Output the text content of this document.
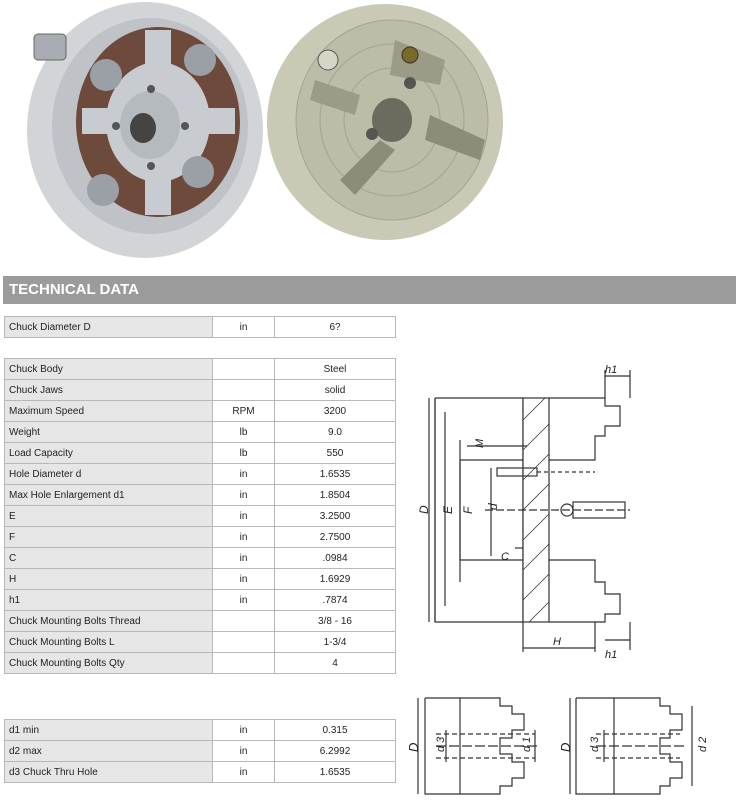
TECHNICAL DATA
Chuck Diameter D	in	6?
Chuck Body		Steel
Chuck Jaws		solid
Maximum Speed	RPM	3200
Weight	lb	9.0
Load Capacity	lb	550
Hole Diameter d	in	1.6535
Max Hole Enlargement d1	in	1.8504
E	in	3.2500
F	in	2.7500
C	in	.0984
H	in	1.6929
h1	in	.7874
Chuck Mounting Bolts Thread		3/8 - 16
Chuck Mounting Bolts L		1-3/4
Chuck Mounting Bolts Qty		4
d1 min	in	0.315
d2 max	in	6.2992
d3 Chuck Thru Hole	in	1.6535
h1
M
D E F d
C
H
h1
D d 3	d 1 D d 3	d 2
